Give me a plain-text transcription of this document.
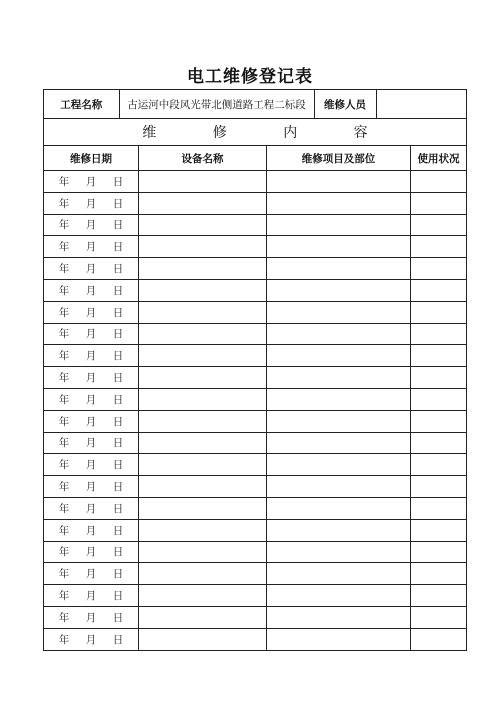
电工维修登记表
工程名称	古运河中段风光带北侧道路工程二标段	维修人员	

维 修 内 容
维修日期	设备名称	维修项目及部位	使用状况
年 月 日			
年 月 日			
年 月 日			
年 月 日			
年 月 日			
年 月 日			
年 月 日			
年 月 日			
年 月 日			
年 月 日			
年 月 日			
年 月 日			
年 月 日			
年 月 日			
年 月 日			
年 月 日			
年 月 日			
年 月 日			
年 月 日			
年 月 日			
年 月 日			
年 月 日			
